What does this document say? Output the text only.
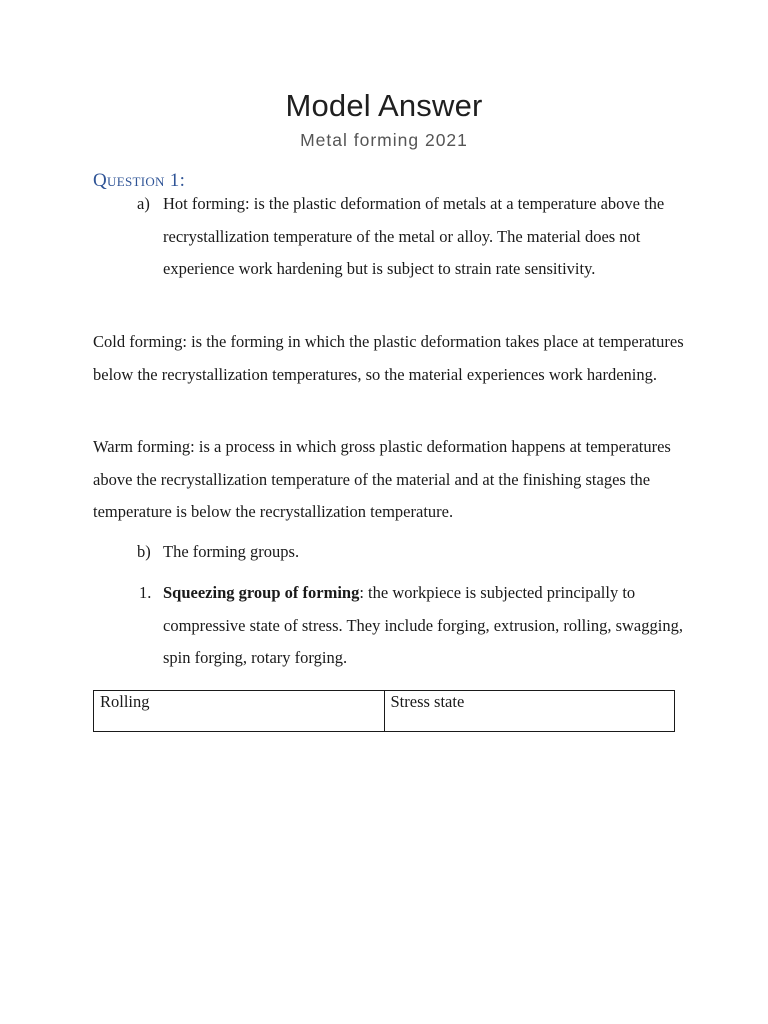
Model Answer
Metal forming 2021
Question 1:
a) Hot forming: is the plastic deformation of metals at a temperature above the recrystallization temperature of the metal or alloy. The material does not experience work hardening but is subject to strain rate sensitivity.
Cold forming: is the forming in which the plastic deformation takes place at temperatures below the recrystallization temperatures, so the material experiences work hardening.
Warm forming: is a process in which gross plastic deformation happens at temperatures above the recrystallization temperature of the material and at the finishing stages the temperature is below the recrystallization temperature.
b) The forming groups.
1. Squeezing group of forming: the workpiece is subjected principally to compressive state of stress. They include forging, extrusion, rolling, swagging, spin forging, rotary forging.
Rolling	Stress state
